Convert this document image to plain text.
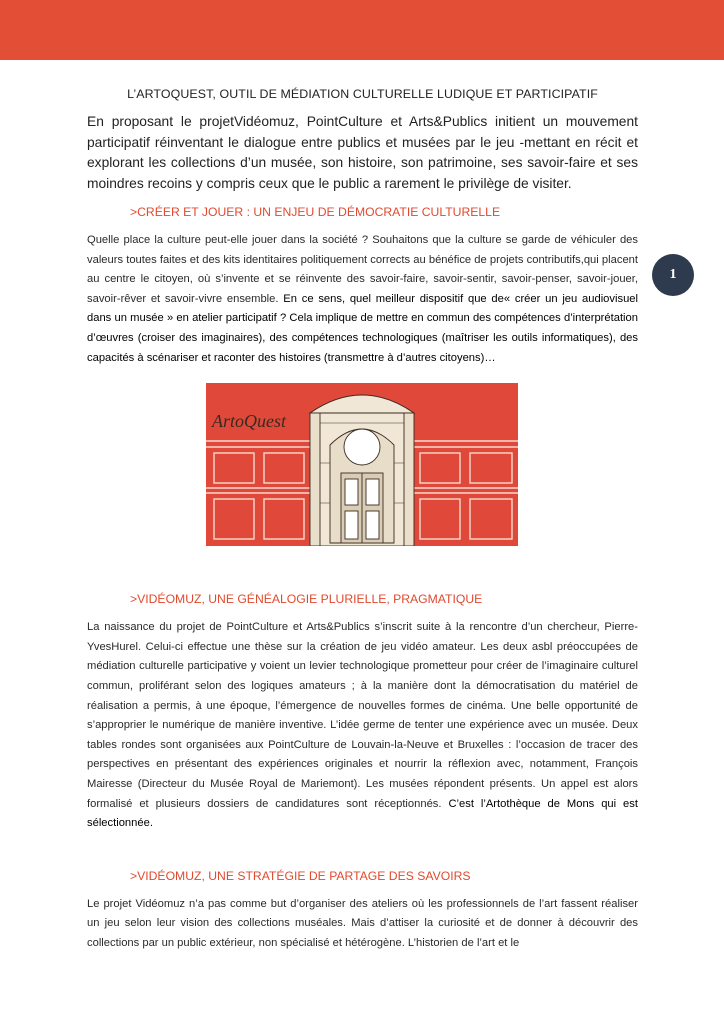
1
L’ARTOQUEST, OUTIL DE MÉDIATION CULTURELLE LUDIQUE ET PARTICIPATIF

En proposant le projetVidéomuz, PointCulture et Arts&Publics initient un mouvement participatif réinventant le dialogue entre publics et musées par le jeu -mettant en récit et explorant les collections d’un musée, son histoire, son patrimoine, ses savoir-faire et ses moindres recoins y compris ceux que le public a rarement le privilège de visiter.

>CRÉER ET JOUER : UN ENJEU DE DÉMOCRATIE CULTURELLE

Quelle place la culture peut-elle jouer dans la société ? Souhaitons que la culture se garde de véhiculer des valeurs toutes faites et des kits identitaires politiquement corrects au bénéfice de projets contributifs,qui placent au centre le citoyen, où s’invente et se réinvente des savoir-faire, savoir-sentir, savoir-penser, savoir-jouer, savoir-rêver et savoir-vivre ensemble. En ce sens, quel meilleur dispositif que de« créer un jeu audiovisuel dans un musée » en atelier participatif ? Cela implique de mettre en commun des compétences d’interprétation d’œuvres (croiser des imaginaires), des compétences technologiques (maîtriser les outils informatiques), des capacités à scénariser et raconter des histoires (transmettre à d’autres citoyens)…

ArtoQuest
>VIDÉOMUZ, UNE GÉNÉALOGIE PLURIELLE, PRAGMATIQUE

La naissance du projet de PointCulture et Arts&Publics s’inscrit suite à la rencontre d’un chercheur, Pierre-YvesHurel. Celui-ci effectue une thèse sur la création de jeu vidéo amateur. Les deux asbl préoccupées de médiation culturelle participative y voient un levier technologique prometteur pour créer de l’imaginaire culturel commun, proliférant selon des logiques amateurs ; à la manière dont la démocratisation du matériel de réalisation a permis, à une époque, l’émergence de nouvelles formes de cinéma. Une belle opportunité de s’approprier le numérique de manière inventive. L’idée germe de tenter une expérience avec un musée. Deux tables rondes sont organisées aux PointCulture de Louvain-la-Neuve et Bruxelles : l’occasion de tracer des perspectives en présentant des expériences originales et nourrir la réflexion avec, notamment, François Mairesse (Directeur du Musée Royal de Mariemont). Les musées répondent présents. Un appel est alors formalisé et plusieurs dossiers de candidatures sont réceptionnés. C’est l’Artothèque de Mons qui est sélectionnée.

>VIDÉOMUZ, UNE STRATÉGIE DE PARTAGE DES SAVOIRS

Le projet Vidéomuz n’a pas comme but d’organiser des ateliers où les professionnels de l’art fassent réaliser un jeu selon leur vision des collections muséales. Mais d’attiser la curiosité et de donner à découvrir des collections par un public extérieur, non spécialisé et hétérogène. L’historien de l’art et le
